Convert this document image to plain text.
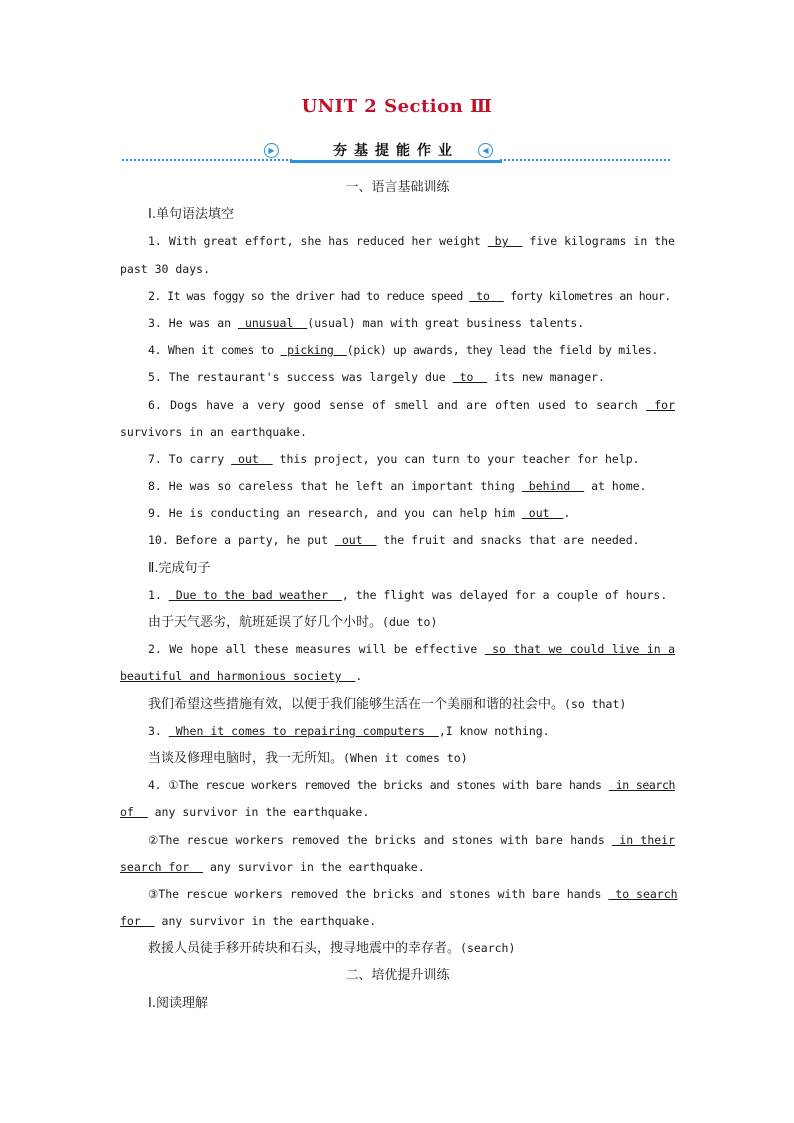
UNIT 2 Section Ⅲ
夯基提能作业
▶	◀
一、语言基础训练
Ⅰ.单句语法填空
1. With great effort, she has reduced her weight  by   five kilograms in the
past 30 days.
2. It was foggy so the driver had to reduce speed  to   forty kilometres an hour.
3. He was an  unusual  (usual) man with great business talents.
4. When it comes to  picking  (pick) up awards, they lead the field by miles.
5. The restaurant's success was largely due  to   its new manager.
6. Dogs have a very good sense of smell and are often used to search  for
survivors in an earthquake.
7. To carry  out   this project, you can turn to your teacher for help.
8. He was so careless that he left an important thing  behind   at home.
9. He is conducting an research, and you can help him  out  .
10. Before a party, he put  out   the fruit and snacks that are needed.
Ⅱ.完成句子
1.  Due to the bad weather  , the flight was delayed for a couple of hours.
由于天气恶劣，航班延误了好几个小时。(due to)
2. We hope all these measures will be effective  so that we could live in a
beautiful and harmonious society  .
我们希望这些措施有效，以便于我们能够生活在一个美丽和谐的社会中。(so that)
3.  When it comes to repairing computers  ,I know nothing.
当谈及修理电脑时，我一无所知。(When it comes to)
4. ①The rescue workers removed the bricks and stones with bare hands  in search
of   any survivor in the earthquake.
②The rescue workers removed the bricks and stones with bare hands  in their
search for   any survivor in the earthquake.
③The rescue workers removed the bricks and stones with bare hands  to search
for   any survivor in the earthquake.
救援人员徒手移开砖块和石头，搜寻地震中的幸存者。(search)
二、培优提升训练
Ⅰ.阅读理解
